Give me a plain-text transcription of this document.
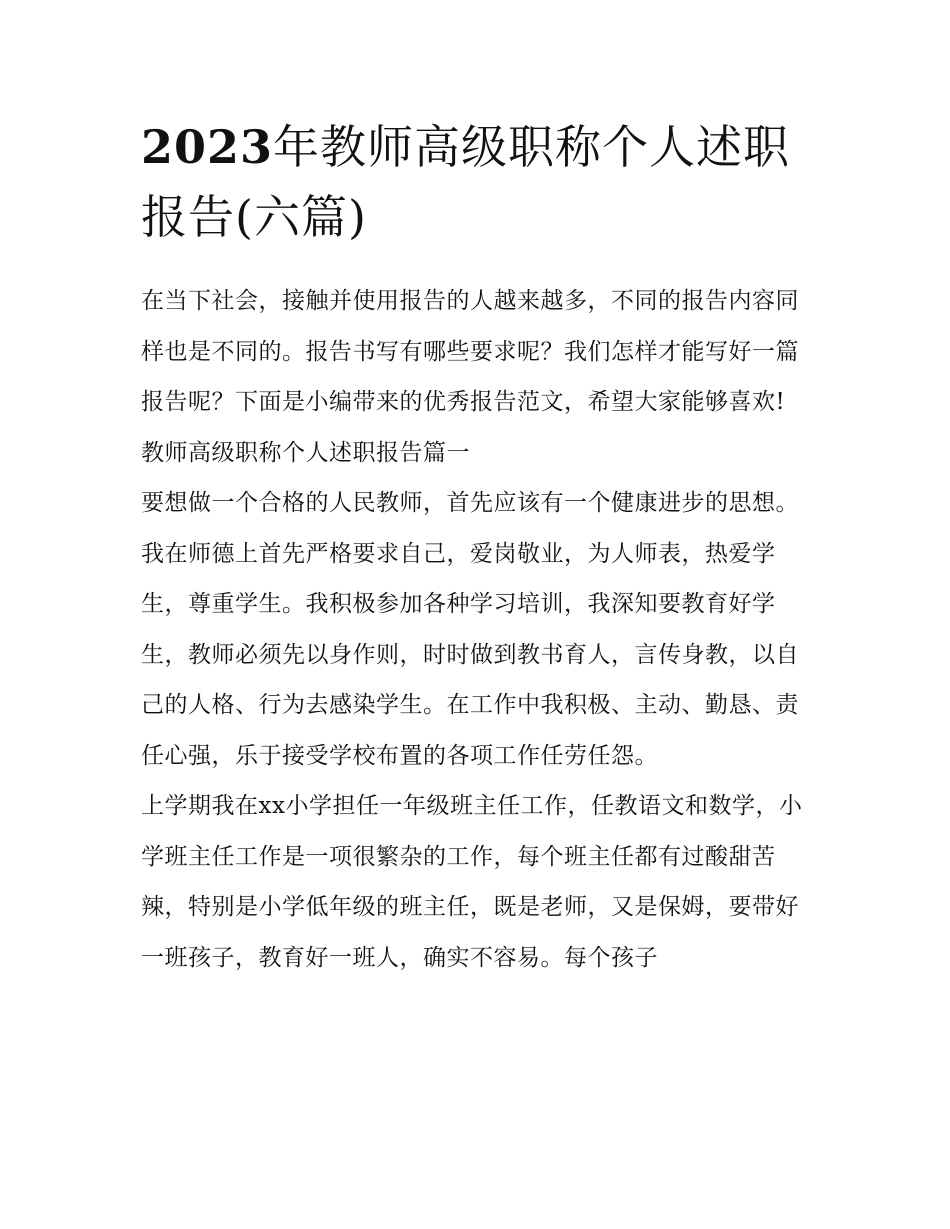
2023年教师高级职称个人述职报告(六篇)

在当下社会，接触并使用报告的人越来越多，不同的报告内容同样也是不同的。报告书写有哪些要求呢？我们怎样才能写好一篇报告呢？下面是小编带来的优秀报告范文，希望大家能够喜欢!

教师高级职称个人述职报告篇一

要想做一个合格的人民教师，首先应该有一个健康进步的思想。我在师德上首先严格要求自己，爱岗敬业，为人师表，热爱学生，尊重学生。我积极参加各种学习培训，我深知要教育好学生，教师必须先以身作则，时时做到教书育人，言传身教，以自己的人格、行为去感染学生。在工作中我积极、主动、勤恳、责任心强，乐于接受学校布置的各项工作任劳任怨。

上学期我在xx小学担任一年级班主任工作，任教语文和数学，小学班主任工作是一项很繁杂的工作，每个班主任都有过酸甜苦辣，特别是小学低年级的班主任，既是老师，又是保姆，要带好一班孩子，教育好一班人，确实不容易。每个孩子
